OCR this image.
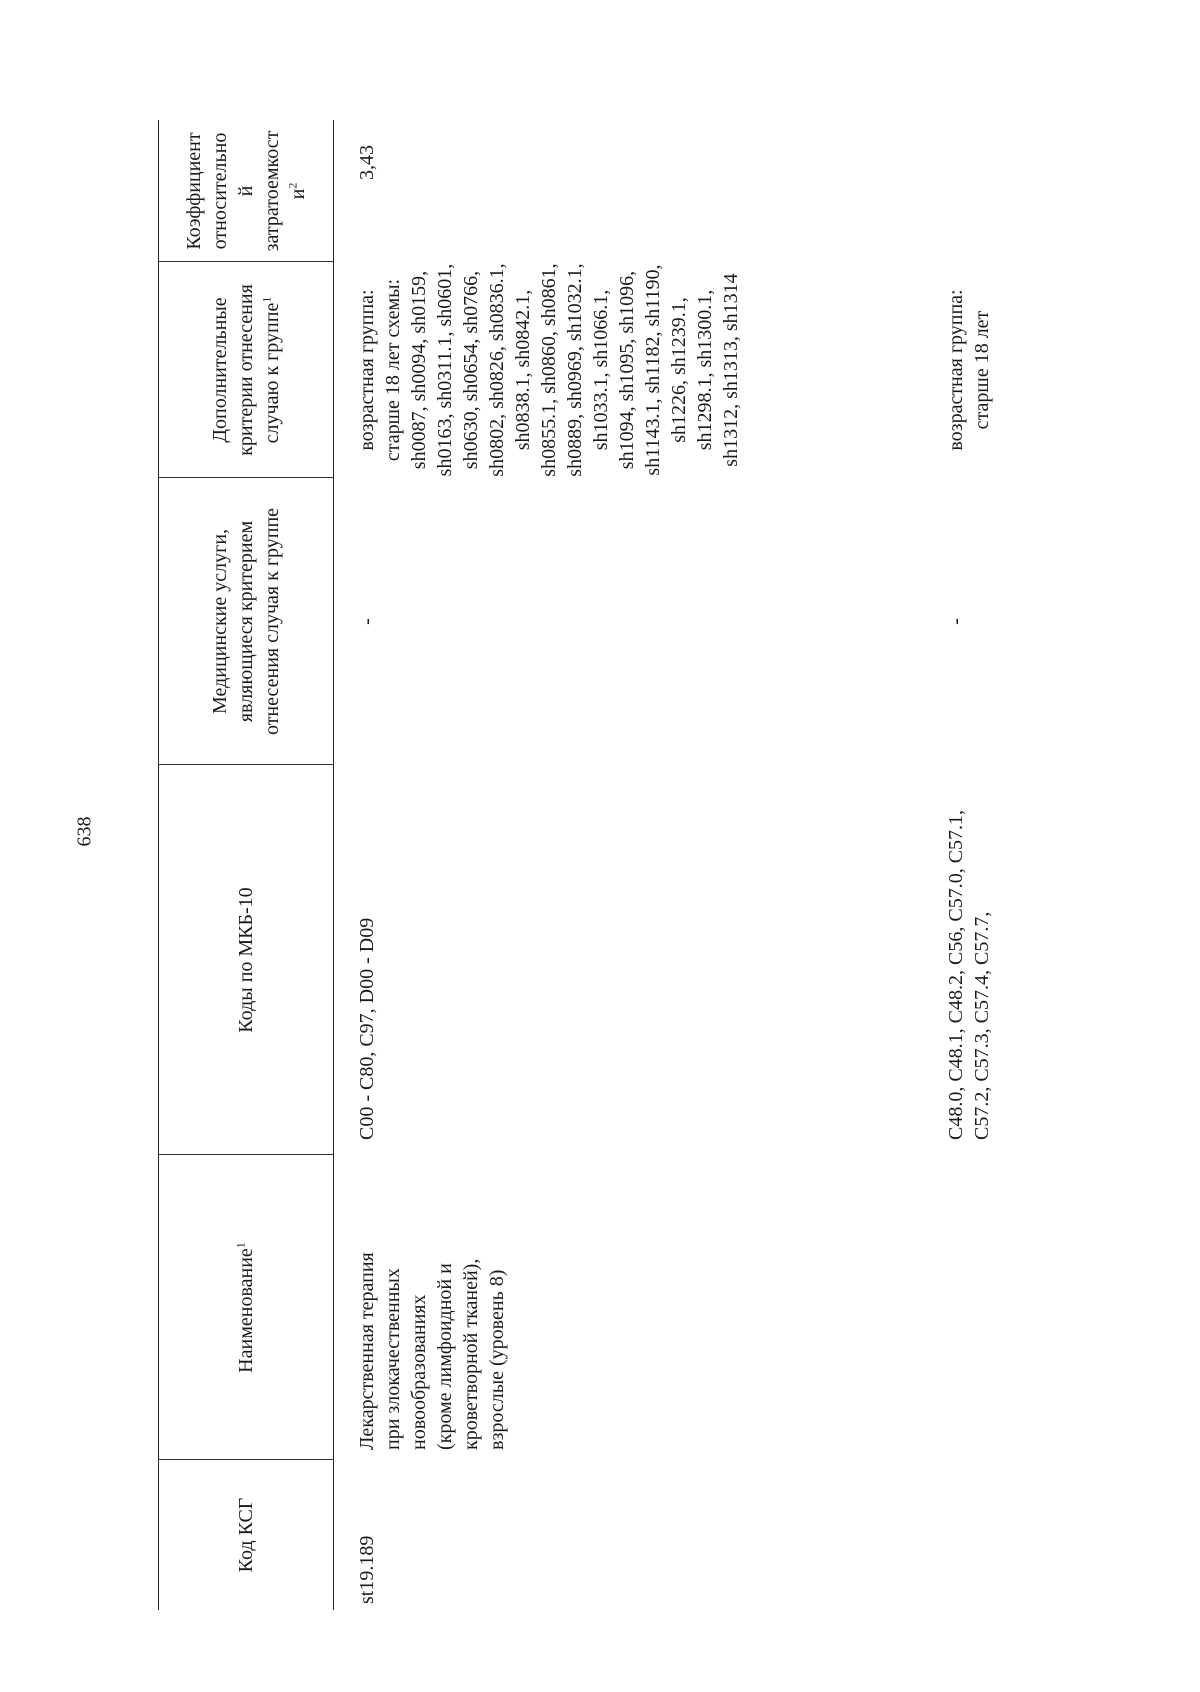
638
Код КСГ
Наименование$^1$
Коды по МКБ-10
Медицинские услуги, являющиеся критерием отнесения случая к группе
Дополнительные критерии отнесения случаю к группе$^1$
Коэффициент относительно й затратоемкост $и^2$
st19.189
Лекарственная терапия при злокачественных новообразованиях (кроме лимфоидной и кроветворной тканей), взрослые (уровень 8)
C00 - C80, C97, D00 - D09
-
возрастная группа: старше 18 лет схемы: sh0087, sh0094, sh0159, sh0163, sh0311.1, sh0601, sh0630, sh0654, sh0766, sh0802, sh0826, sh0836.1, sh0838.1, sh0842.1, sh0855.1, sh0860, sh0861, sh0889, sh0969, sh1032.1, sh1033.1, sh1066.1, sh1094, sh1095, sh1096, sh1143.1, sh1182, sh1190, sh1226, sh1239.1, sh1298.1, sh1300.1, sh1312, sh1313, sh1314
3,43
C48.0, C48.1, C48.2, C56, C57.0, C57.1, C57.2, C57.3, C57.4, C57.7,
-
возрастная группа: старше 18 лет
